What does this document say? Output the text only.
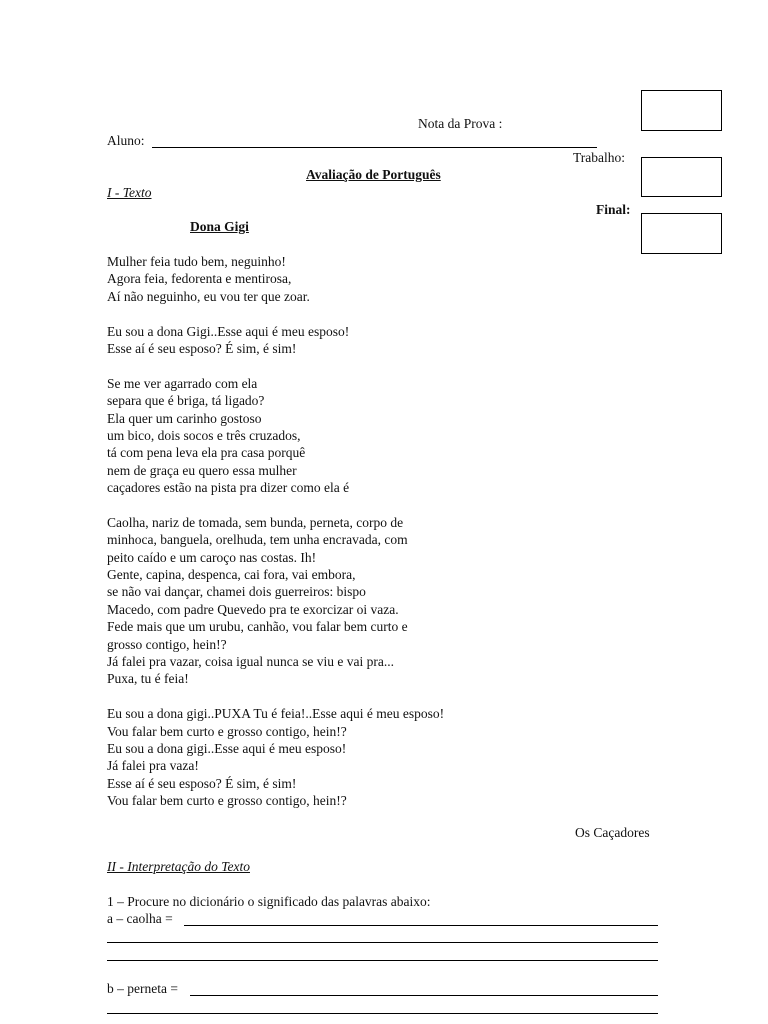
Nota da Prova :
Aluno:
Trabalho:
Avaliação de Português
I - Texto
Final:
Dona Gigi
Mulher feia tudo bem, neguinho!
Agora feia, fedorenta e mentirosa,
Aí não neguinho, eu vou ter que zoar.
Eu sou a dona Gigi..Esse aqui é meu esposo!
Esse aí é seu esposo? É sim, é sim!
Se me ver agarrado com ela
separa que é briga, tá ligado?
Ela quer um carinho gostoso
um bico, dois socos e três cruzados,
tá com pena leva ela pra casa porquê
nem de graça eu quero essa mulher
caçadores estão na pista pra dizer como ela é
Caolha, nariz de tomada, sem bunda, perneta, corpo de
minhoca, banguela, orelhuda, tem unha encravada, com
peito caído e um caroço nas costas. Ih!
Gente, capina, despenca, cai fora, vai embora,
se não vai dançar, chamei dois guerreiros: bispo
Macedo, com padre Quevedo pra te exorcizar oi vaza.
Fede mais que um urubu, canhão, vou falar bem curto e
grosso contigo, hein!?
Já falei pra vazar, coisa igual nunca se viu e vai pra...
Puxa, tu é feia!
Eu sou a dona gigi..PUXA Tu é feia!..Esse aqui é meu esposo!
Vou falar bem curto e grosso contigo, hein!?
Eu sou a dona gigi..Esse aqui é meu esposo!
Já falei pra vaza!
Esse aí é seu esposo? É sim, é sim!
Vou falar bem curto e grosso contigo, hein!?
Os Caçadores
II - Interpretação do Texto
1 – Procure no dicionário o significado das palavras abaixo:
a – caolha =
b – perneta =
